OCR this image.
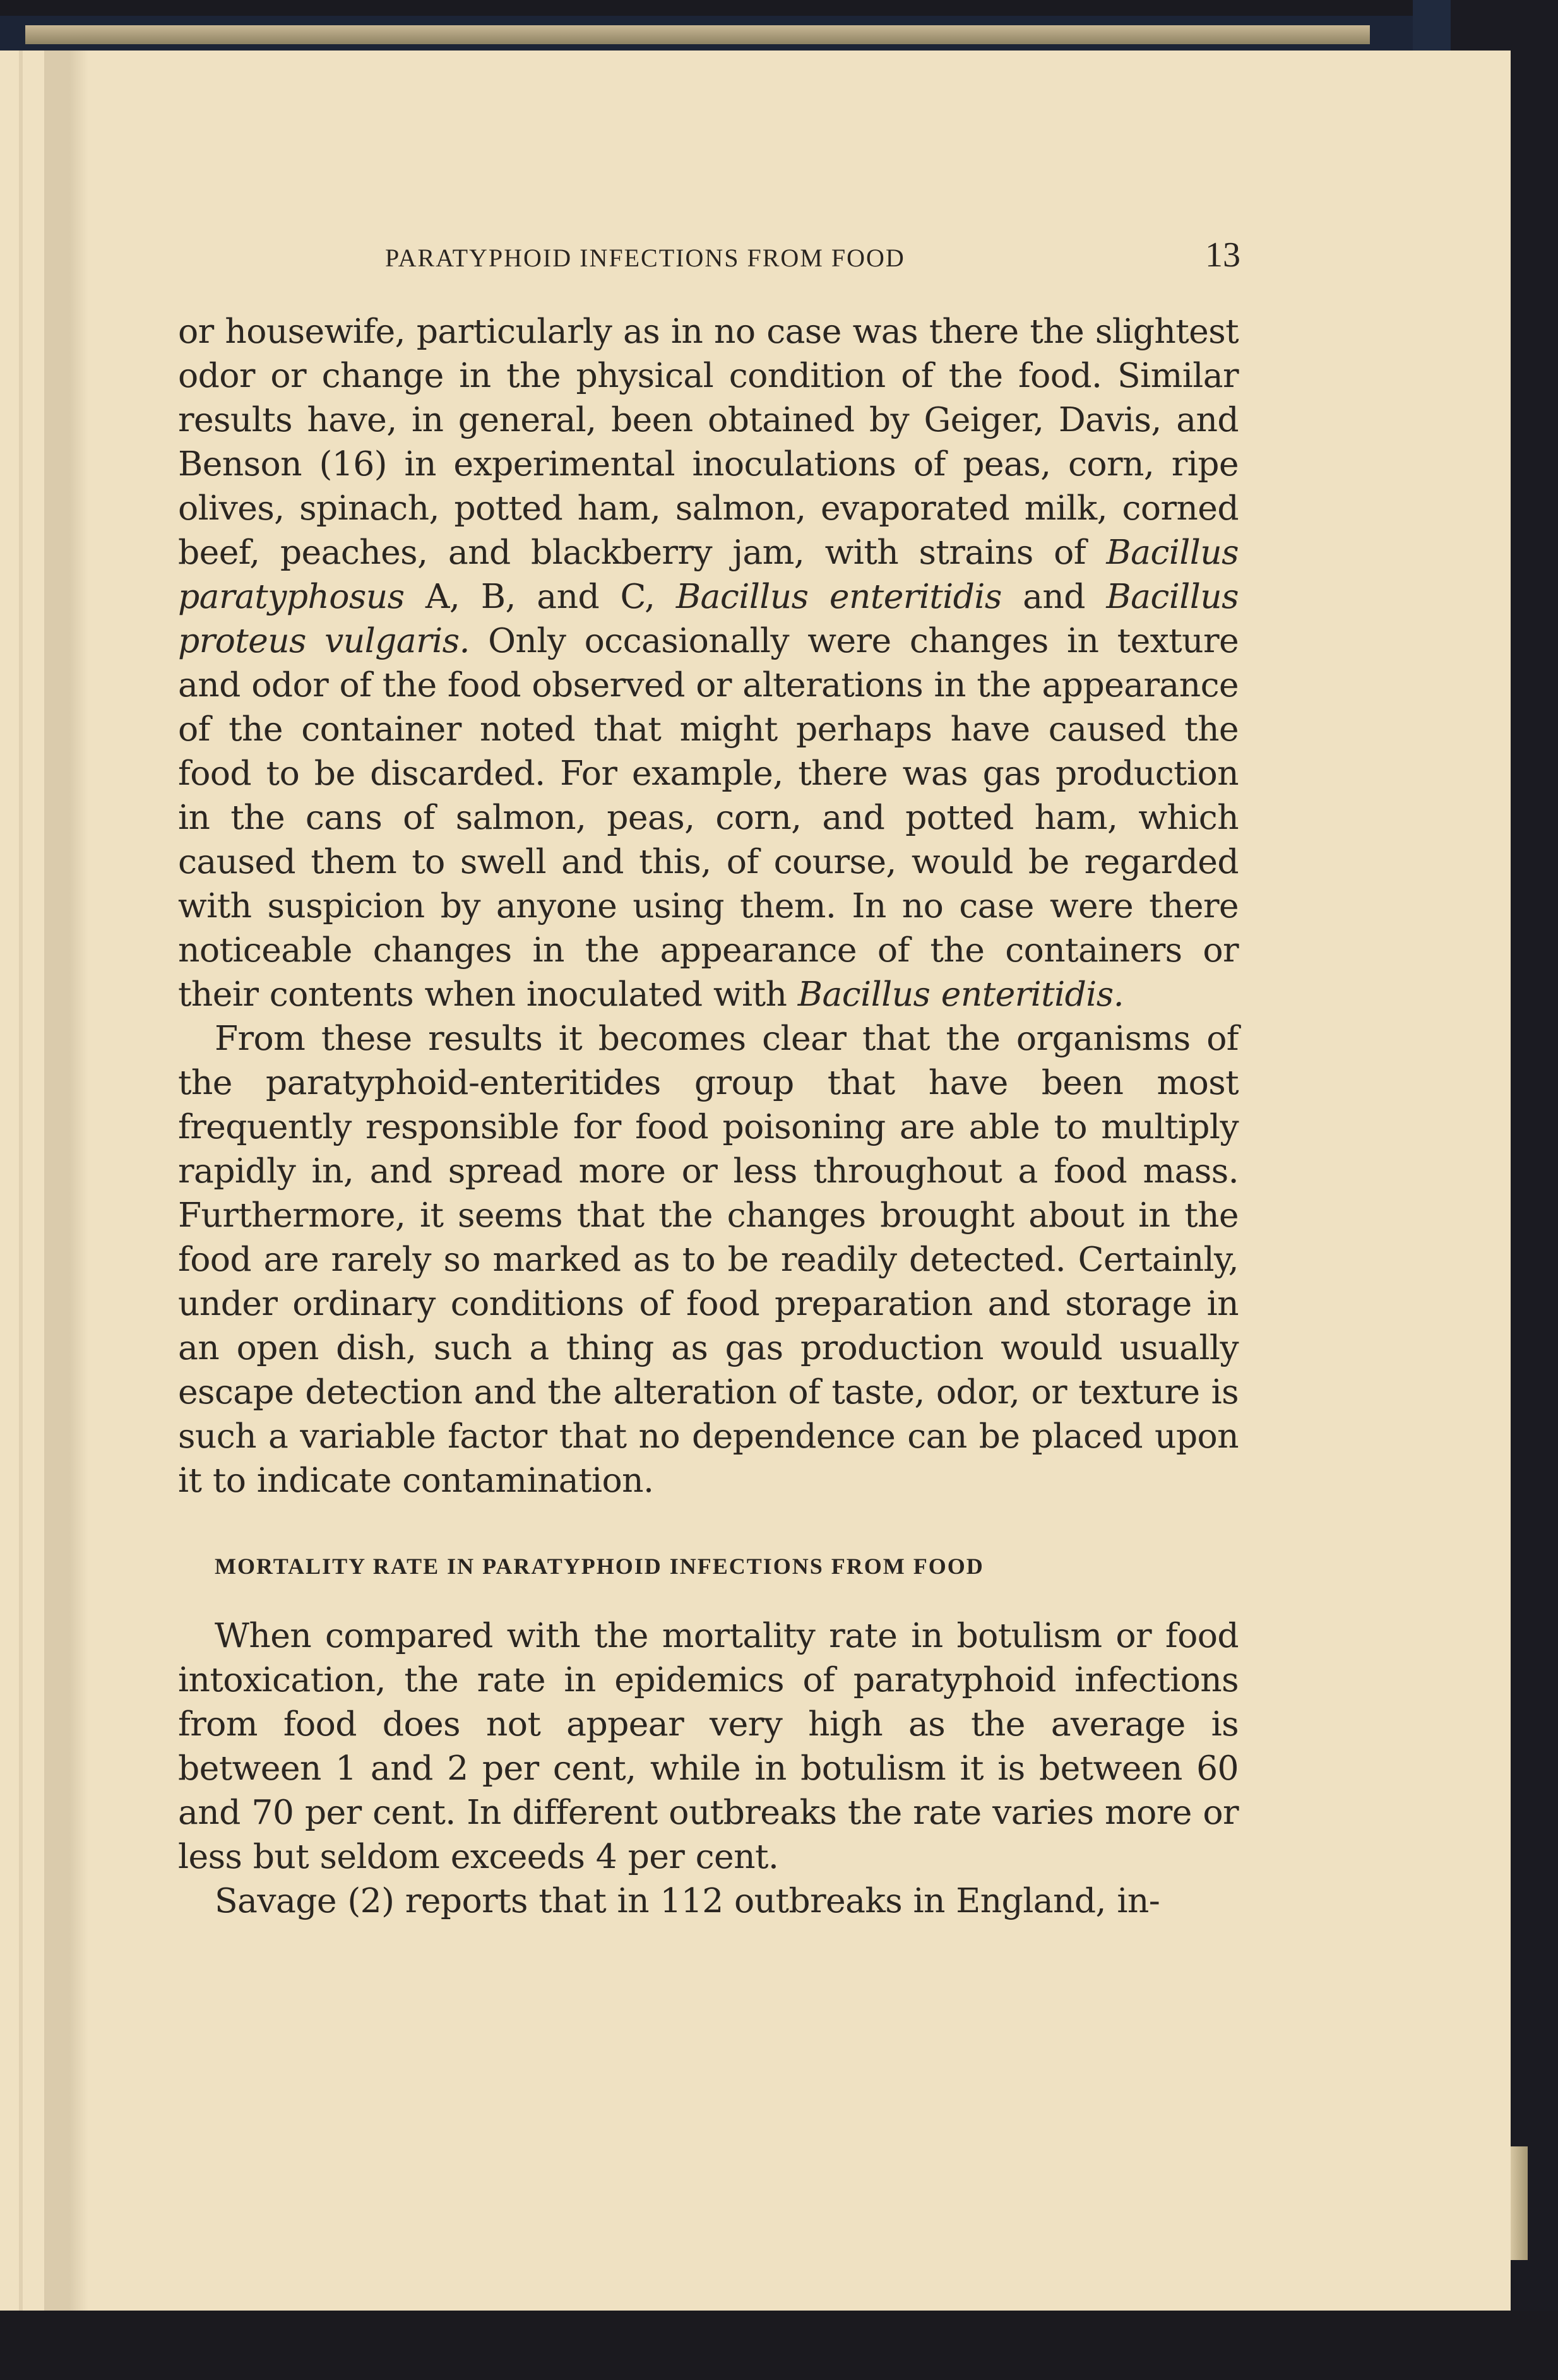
PARATYPHOID INFECTIONS FROM FOOD	13

or housewife, particularly as in no case was there the slightest odor or change in the physical condition of the food. Similar results have, in general, been obtained by Geiger, Davis, and Benson (16) in experimental inoculations of peas, corn, ripe olives, spinach, potted ham, salmon, evaporated milk, corned beef, peaches, and blackberry jam, with strains of Bacillus paratyphosus A, B, and C, Bacillus enteritidis and Bacillus proteus vulgaris. Only occasionally were changes in texture and odor of the food observed or alterations in the appearance of the container noted that might perhaps have caused the food to be discarded. For example, there was gas production in the cans of salmon, peas, corn, and potted ham, which caused them to swell and this, of course, would be regarded with suspicion by anyone using them. In no case were there noticeable changes in the appearance of the containers or their contents when inoculated with Bacillus enteritidis.

From these results it becomes clear that the organisms of the paratyphoid-enteritides group that have been most frequently responsible for food poisoning are able to multiply rapidly in, and spread more or less throughout a food mass. Furthermore, it seems that the changes brought about in the food are rarely so marked as to be readily detected. Certainly, under ordinary conditions of food preparation and storage in an open dish, such a thing as gas production would usually escape detection and the alteration of taste, odor, or texture is such a variable factor that no dependence can be placed upon it to indicate contamination.

MORTALITY RATE IN PARATYPHOID INFECTIONS FROM FOOD

When compared with the mortality rate in botulism or food intoxication, the rate in epidemics of paratyphoid infections from food does not appear very high as the average is between 1 and 2 per cent, while in botulism it is between 60 and 70 per cent. In different outbreaks the rate varies more or less but seldom exceeds 4 per cent.

Savage (2) reports that in 112 outbreaks in England, in-
